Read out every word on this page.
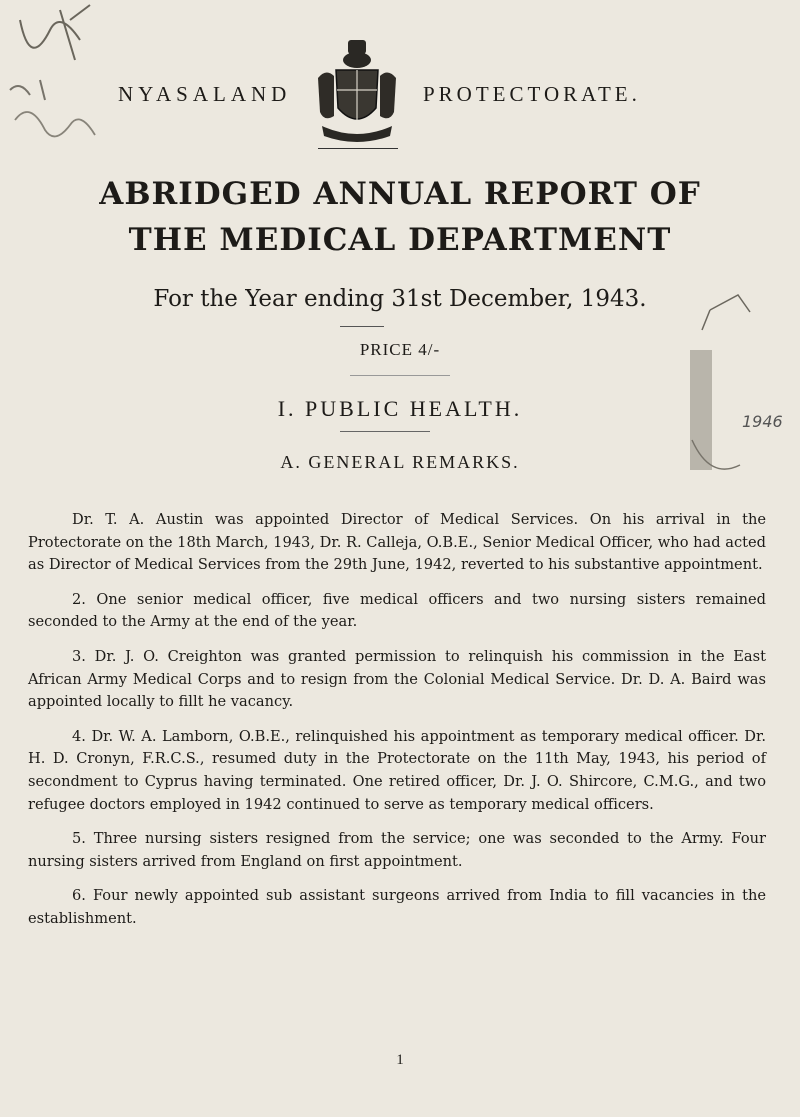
NYASALAND	PROTECTORATE.
ABRIDGED ANNUAL REPORT OF
THE MEDICAL DEPARTMENT
For the Year ending 31st December, 1943.
PRICE 4/-
I. PUBLIC HEALTH.
A. GENERAL REMARKS.
1946

Dr. T. A. Austin was appointed Director of Medical Services. On his arrival in the Protectorate on the 18th March, 1943, Dr. R. Calleja, O.B.E., Senior Medical Officer, who had acted as Director of Medical Services from the 29th June, 1942, reverted to his substantive appointment.

2. One senior medical officer, five medical officers and two nursing sisters remained seconded to the Army at the end of the year.

3. Dr. J. O. Creighton was granted permission to relinquish his commission in the East African Army Medical Corps and to resign from the Colonial Medical Service. Dr. D. A. Baird was appointed locally to fillt he vacancy.

4. Dr. W. A. Lamborn, O.B.E., relinquished his appointment as temporary medical officer. Dr. H. D. Cronyn, F.R.C.S., resumed duty in the Protectorate on the 11th May, 1943, his period of secondment to Cyprus having terminated. One retired officer, Dr. J. O. Shircore, C.M.G., and two refugee doctors employed in 1942 continued to serve as temporary medical officers.

5. Three nursing sisters resigned from the service; one was seconded to the Army. Four nursing sisters arrived from England on first appointment.

6. Four newly appointed sub assistant surgeons arrived from India to fill vacancies in the establishment.

1
